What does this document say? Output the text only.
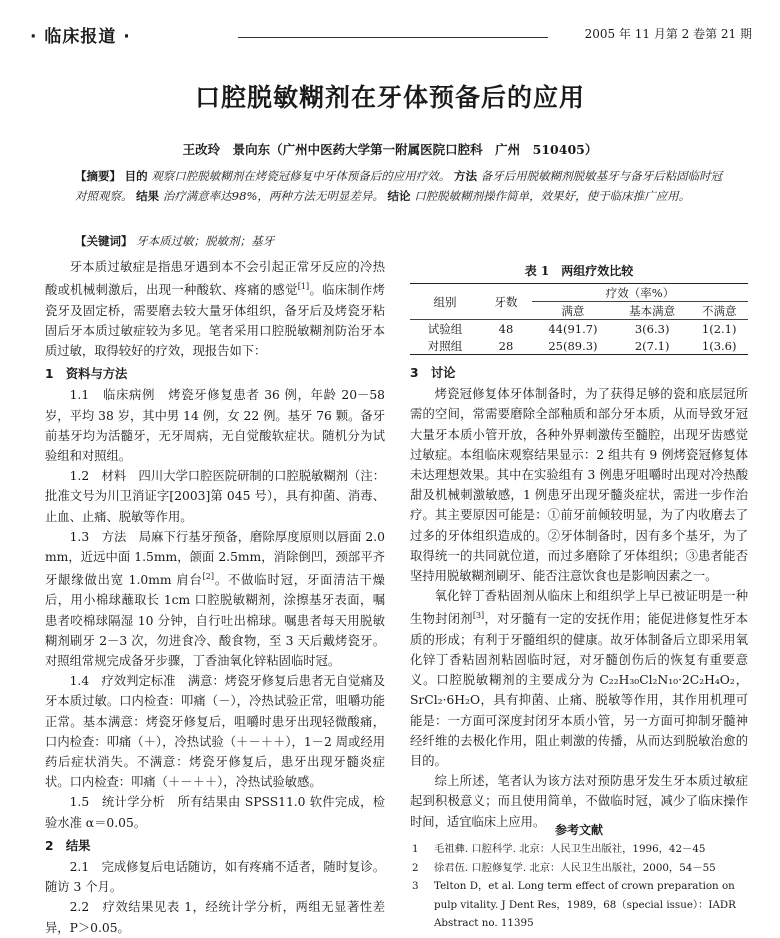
· 临床报道 ·	2005 年 11 月第 2 卷第 21 期
口腔脱敏糊剂在牙体预备后的应用
王改玲　景向东（广州中医药大学第一附属医院口腔科　广州　510405）
【摘要】 目的 观察口腔脱敏糊剂在烤瓷冠修复中牙体预备后的应用疗效。 方法 备牙后用脱敏糊剂脱敏基牙与备牙后粘固临时冠对照观察。 结果 治疗满意率达98%，两种方法无明显差异。 结论 口腔脱敏糊剂操作简单，效果好，使于临床推广应用。
【关键词】 牙本质过敏；脱敏剂；基牙

牙本质过敏症是指患牙遇到本不会引起正常牙反应的冷热酸或机械刺激后，出现一种酸软、疼痛的感觉[1]。临床制作烤瓷牙及固定桥，需要磨去较大量牙体组织，备牙后及烤瓷牙粘固后牙本质过敏症较为多见。笔者采用口腔脱敏糊剂防治牙本质过敏，取得较好的疗效，现报告如下：

1　资料与方法

1.1　临床病例　烤瓷牙修复患者 36 例，年龄 20－58 岁，平均 38 岁，其中男 14 例，女 22 例。基牙 76 颗。备牙前基牙均为活髓牙，无牙周病，无自觉酸软症状。随机分为试验组和对照组。

1.2　材料　四川大学口腔医院研制的口腔脱敏糊剂（注：批准文号为川卫消证字[2003]第 045 号），具有抑菌、消毒、止血、止痛、脱敏等作用。

1.3　方法　局麻下行基牙预备，磨除厚度原则以唇面 2.0 mm，近远中面 1.5mm，颌面 2.5mm，消除倒凹，颈部平齐牙龈缘做出宽 1.0mm 肩台[2]。不做临时冠，牙面清洁干燥后，用小棉球蘸取长 1cm 口腔脱敏糊剂，涂擦基牙表面，嘱患者咬棉球隔湿 10 分钟，自行吐出棉球。嘱患者每天用脱敏糊剂刷牙 2－3 次，勿进食冷、酸食物，至 3 天后戴烤瓷牙。对照组常规完成备牙步骤，丁香油氧化锌粘固临时冠。

1.4　疗效判定标准　满意：烤瓷牙修复后患者无自觉痛及牙本质过敏。口内检查：叩痛（－），冷热试验正常，咀嚼功能正常。基本满意：烤瓷牙修复后，咀嚼时患牙出现轻微酸痛，口内检查：叩痛（＋），冷热试验（＋－＋＋），1－2 周或经用药后症状消失。不满意：烤瓷牙修复后，患牙出现牙髓炎症状。口内检查：叩痛（＋－＋＋），冷热试验敏感。

1.5　统计学分析　所有结果由 SPSS11.0 软件完成，检验水准 α＝0.05。

2　结果

2.1　完成修复后电话随访，如有疼痛不适者，随时复诊。随访 3 个月。

2.2　疗效结果见表 1，经统计学分析，两组无显著性差异，P＞0.05。

表 1　两组疗效比较
组别	牙数	疗效（率%）		
		满意	基本满意	不满意
试验组	48	44(91.7)	3(6.3)	1(2.1)
对照组	28	25(89.3)	2(7.1)	1(3.6)
3　讨论

烤瓷冠修复体牙体制备时，为了获得足够的瓷和底层冠所需的空间，常需要磨除全部釉质和部分牙本质，从而导致牙冠大量牙本质小管开放，各种外界刺激传至髓腔，出现牙齿感觉过敏症。本组临床观察结果显示：2 组共有 9 例烤瓷冠修复体未达理想效果。其中在实验组有 3 例患牙咀嚼时出现对冷热酸甜及机械刺激敏感，1 例患牙出现牙髓炎症状，需进一步作治疗。其主要原因可能是：①前牙前倾较明显，为了内收磨去了过多的牙体组织造成的。②牙体制备时，因有多个基牙，为了取得统一的共同就位道，而过多磨除了牙体组织；③患者能否坚持用脱敏糊剂刷牙、能否注意饮食也是影响因素之一。

氧化锌丁香粘固剂从临床上和组织学上早已被证明是一种生物封闭剂[3]，对牙髓有一定的安抚作用；能促进修复性牙本质的形成；有利于牙髓组织的健康。故牙体制备后立即采用氧化锌丁香粘固剂粘固临时冠，对牙髓创伤后的恢复有重要意义。口腔脱敏糊剂的主要成分为 C₂₂H₃₀Cl₂N₁₀·2C₂H₄O₂，SrCl₂·6H₂O，具有抑菌、止痛、脱敏等作用，其作用机理可能是：一方面可深度封闭牙本质小管，另一方面可抑制牙髓神经纤维的去极化作用，阻止刺激的传播，从而达到脱敏治愈的目的。

综上所述，笔者认为该方法对预防患牙发生牙本质过敏症起到积极意义；而且使用简单，不做临时冠，减少了临床操作时间，适宜临床上应用。

参考文献
1 毛祖彝. 口腔科学. 北京：人民卫生出版社，1996，42－45
2 徐君伍. 口腔修复学. 北京：人民卫生出版社，2000，54－55
3 Telton D，et al. Long term effect of crown preparation on pulp vitality. J Dent Res，1989，68（special issue）：IADR Abstract no. 11395
